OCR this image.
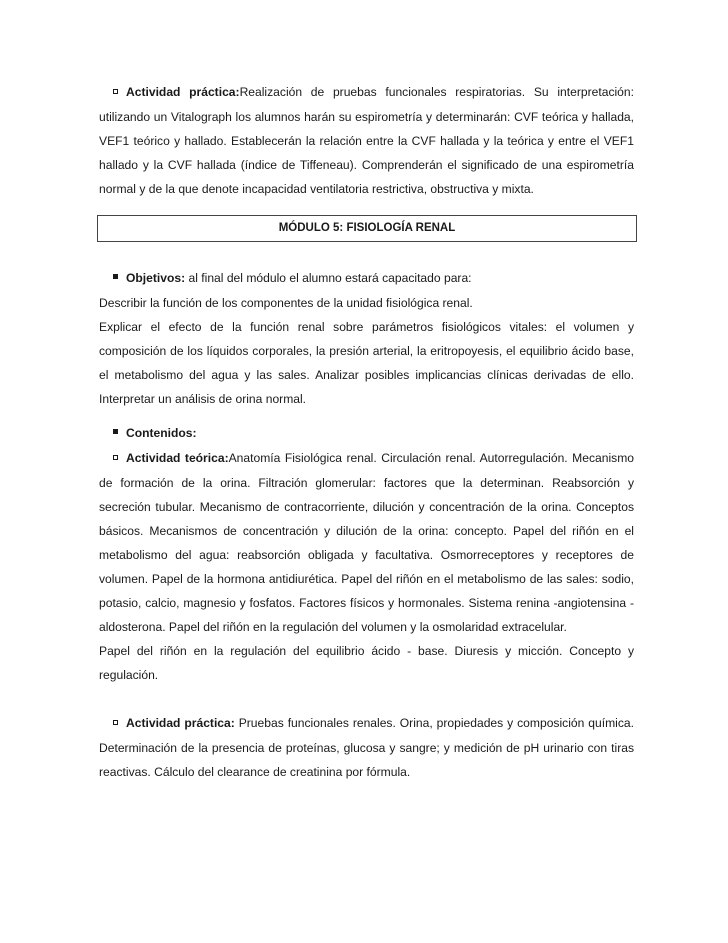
Actividad práctica:Realización de pruebas funcionales respiratorias. Su interpretación: utilizando un Vitalograph los alumnos harán su espirometría y determinarán: CVF teórica y hallada, VEF1 teórico y hallado. Establecerán la relación entre la CVF hallada y la teórica y entre el VEF1 hallado y la CVF hallada (índice de Tiffeneau). Comprenderán el significado de una espirometría normal y de la que denote incapacidad ventilatoria restrictiva, obstructiva y mixta.

MÓDULO 5: FISIOLOGÍA RENAL

Objetivos: al final del módulo el alumno estará capacitado para:

Describir la función de los componentes de la unidad fisiológica renal.

Explicar el efecto de la función renal sobre parámetros fisiológicos vitales: el volumen y composición de los líquidos corporales, la presión arterial, la eritropoyesis, el equilibrio ácido base, el metabolismo del agua y las sales. Analizar posibles implicancias clínicas derivadas de ello. Interpretar un análisis de orina normal.

Contenidos:

Actividad teórica:Anatomía Fisiológica renal. Circulación renal. Autorregulación. Mecanismo de formación de la orina. Filtración glomerular: factores que la determinan. Reabsorción y secreción tubular. Mecanismo de contracorriente, dilución y concentración de la orina. Conceptos básicos. Mecanismos de concentración y dilución de la orina: concepto. Papel del riñón en el metabolismo del agua: reabsorción obligada y facultativa. Osmorreceptores y receptores de volumen. Papel de la hormona antidiurética. Papel del riñón en el metabolismo de las sales: sodio, potasio, calcio, magnesio y fosfatos. Factores físicos y hormonales. Sistema renina -angiotensina - aldosterona. Papel del riñón en la regulación del volumen y la osmolaridad extracelular.

Papel del riñón en la regulación del equilibrio ácido - base. Diuresis y micción. Concepto y regulación.

Actividad práctica: Pruebas funcionales renales. Orina, propiedades y composición química. Determinación de la presencia de proteínas, glucosa y sangre; y medición de pH urinario con tiras reactivas. Cálculo del clearance de creatinina por fórmula.
